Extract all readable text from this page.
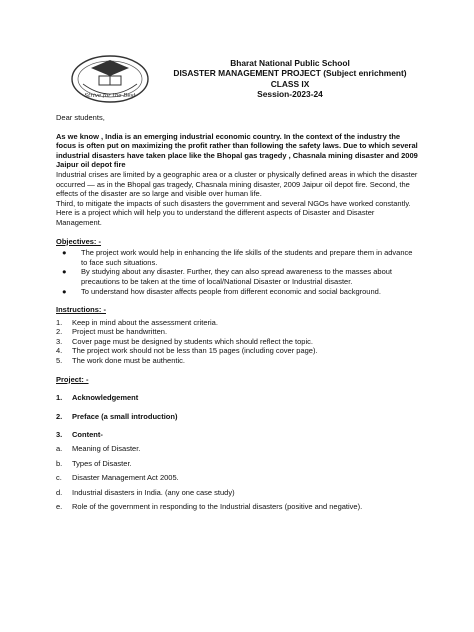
Strive for the Best
Bharat National Public School
DISASTER MANAGEMENT PROJECT (Subject enrichment)
CLASS IX
Session-2023-24

Dear students,

As we know , India is an emerging industrial economic country. In the context of the industry the focus is often put on maximizing the profit rather than following the safety laws. Due to which several industrial disasters have taken place like the Bhopal gas tragedy , Chasnala mining disaster and 2009 Jaipur oil depot fire

Industrial crises are limited by a geographic area or a cluster or physically defined areas in which the disaster occurred — as in the Bhopal gas tragedy, Chasnala mining disaster, 2009 Jaipur oil depot fire. Second, the effects of the disaster are so large and visible over human life.

Third, to mitigate the impacts of such disasters the government and several NGOs have worked constantly.

Here is a project which will help you to understand the different aspects of Disaster and Disaster Management.

Objectives: -

● The project work would help in enhancing the life skills of the students and prepare them in advance to face such situations.
● By studying about any disaster. Further, they can also spread awareness to the masses about precautions to be taken at the time of local/National Disaster or Industrial disaster.
● To understand how disaster affects people from different economic and social background.

Instructions: -

1. Keep in mind about the assessment criteria.
2. Project must be handwritten.
3. Cover page must be designed by students which should reflect the topic.
4. The project work should not be less than 15 pages (including cover page).
5. The work done must be authentic.

Project: -

1. Acknowledgement
2. Preface (a small introduction)
3. Content-
a. Meaning of Disaster.
b. Types of Disaster.
c. Disaster Management Act 2005.
d. Industrial disasters in India. (any one case study)
e. Role of the government in responding to the Industrial disasters (positive and negative).
